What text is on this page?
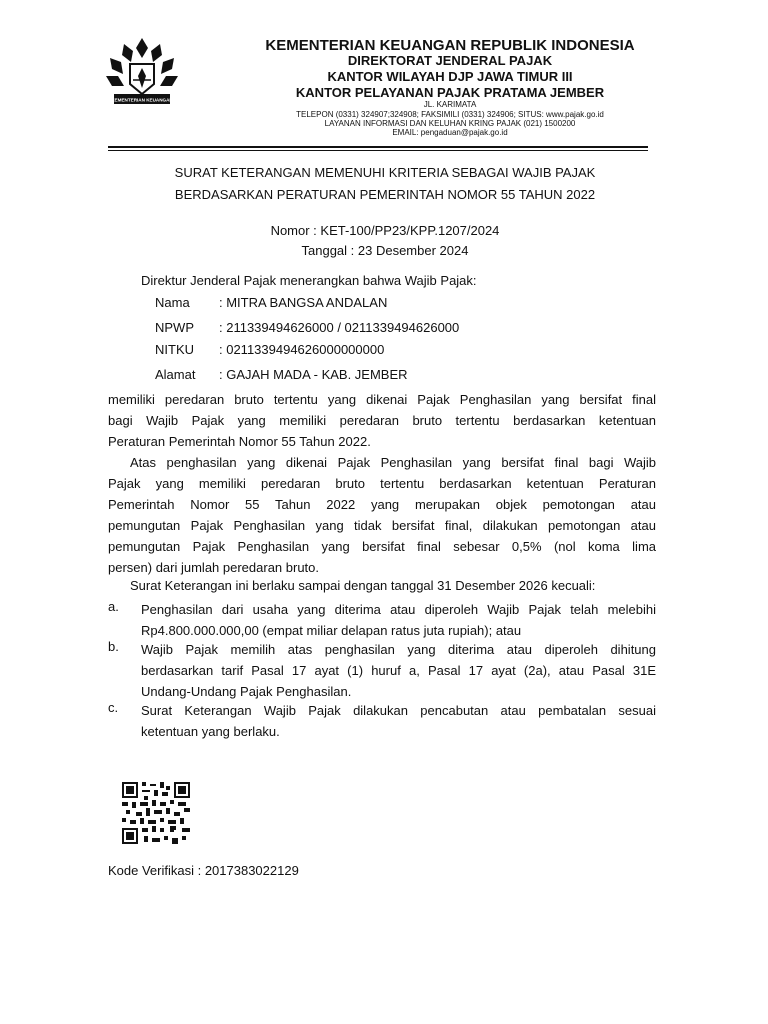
KEMENTERIAN KEUANGAN
KEMENTERIAN KEUANGAN REPUBLIK INDONESIA
DIREKTORAT JENDERAL PAJAK
KANTOR WILAYAH DJP JAWA TIMUR III
KANTOR PELAYANAN PAJAK PRATAMA JEMBER
JL. KARIMATA
TELEPON (0331) 324907;324908; FAKSIMILI (0331) 324906; SITUS: www.pajak.go.id
LAYANAN INFORMASI DAN KELUHAN KRING PAJAK (021) 1500200
EMAIL: pengaduan@pajak.go.id
SURAT KETERANGAN MEMENUHI KRITERIA SEBAGAI WAJIB PAJAK
BERDASARKAN PERATURAN PEMERINTAH NOMOR 55 TAHUN 2022
Nomor : KET-100/PP23/KPP.1207/2024
Tanggal : 23 Desember 2024
Direktur Jenderal Pajak menerangkan bahwa Wajib Pajak:
Nama : MITRA BANGSA ANDALAN
NPWP : 211339494626000 / 0211339494626000
NITKU : 0211339494626000000000
Alamat : GAJAH MADA - KAB. JEMBER
memiliki peredaran bruto tertentu yang dikenai Pajak Penghasilan yang bersifat final
bagi Wajib Pajak yang memiliki peredaran bruto tertentu berdasarkan ketentuan
Peraturan Pemerintah Nomor 55 Tahun 2022.
Atas penghasilan yang dikenai Pajak Penghasilan yang bersifat final bagi Wajib
Pajak yang memiliki peredaran bruto tertentu berdasarkan ketentuan Peraturan
Pemerintah Nomor 55 Tahun 2022 yang merupakan objek pemotongan atau
pemungutan Pajak Penghasilan yang tidak bersifat final, dilakukan pemotongan atau
pemungutan Pajak Penghasilan yang bersifat final sebesar 0,5% (nol koma lima
persen) dari jumlah peredaran bruto.
Surat Keterangan ini berlaku sampai dengan tanggal 31 Desember 2026 kecuali:
a. Penghasilan dari usaha yang diterima atau diperoleh Wajib Pajak telah melebihi
Rp4.800.000.000,00 (empat miliar delapan ratus juta rupiah); atau
b. Wajib Pajak memilih atas penghasilan yang diterima atau diperoleh dihitung
berdasarkan tarif Pasal 17 ayat (1) huruf a, Pasal 17 ayat (2a), atau Pasal 31E
Undang-Undang Pajak Penghasilan.
c. Surat Keterangan Wajib Pajak dilakukan pencabutan atau pembatalan sesuai
ketentuan yang berlaku.
Kode Verifikasi : 2017383022129
